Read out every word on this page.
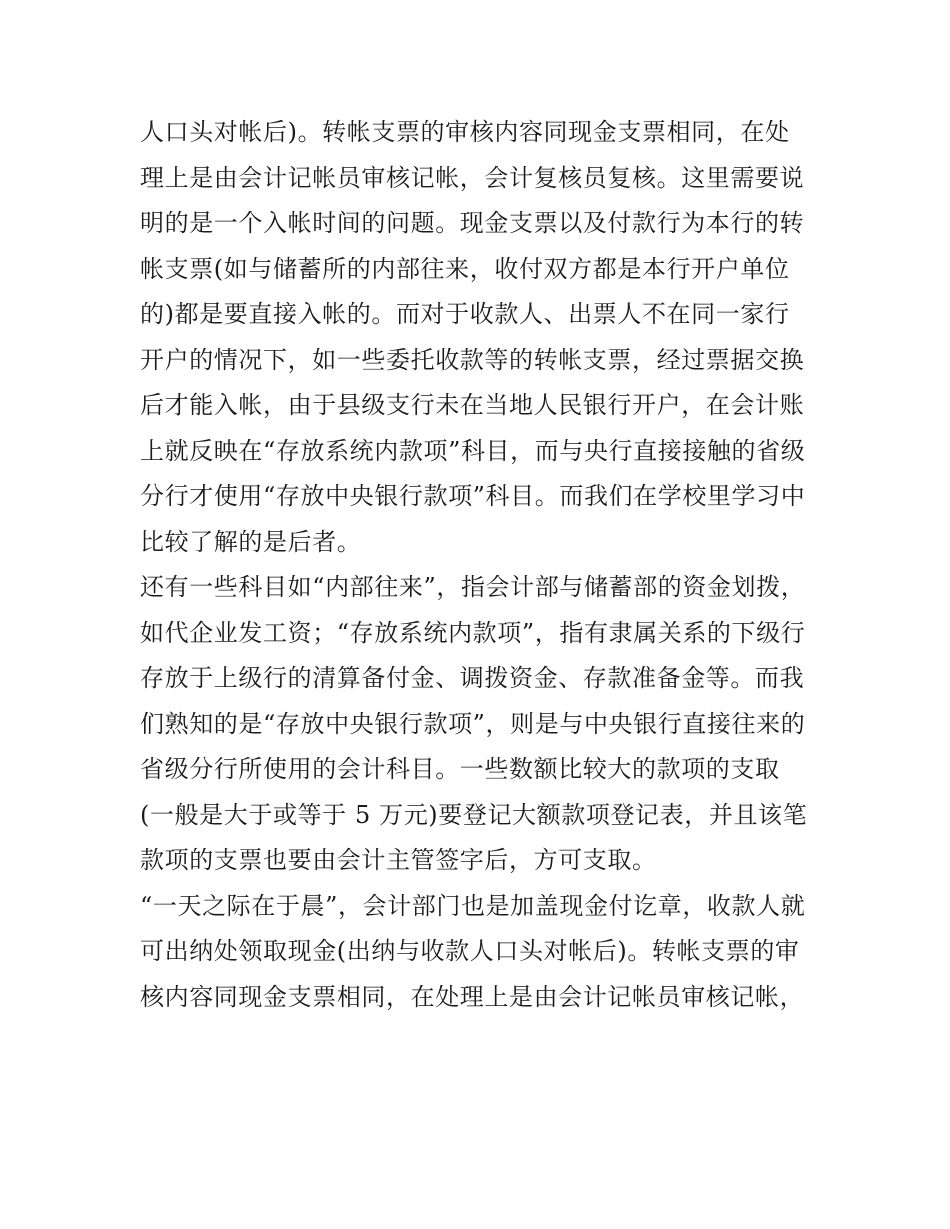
人口头对帐后)。转帐支票的审核内容同现金支票相同，在处
理上是由会计记帐员审核记帐，会计复核员复核。这里需要说
明的是一个入帐时间的问题。现金支票以及付款行为本行的转
帐支票(如与储蓄所的内部往来，收付双方都是本行开户单位
的)都是要直接入帐的。而对于收款人、出票人不在同一家行
开户的情况下，如一些委托收款等的转帐支票，经过票据交换
后才能入帐，由于县级支行未在当地人民银行开户，在会计账
上就反映在“存放系统内款项”科目，而与央行直接接触的省级
分行才使用“存放中央银行款项”科目。而我们在学校里学习中
比较了解的是后者。
还有一些科目如“内部往来”，指会计部与储蓄部的资金划拨，
如代企业发工资；“存放系统内款项”，指有隶属关系的下级行
存放于上级行的清算备付金、调拨资金、存款准备金等。而我
们熟知的是“存放中央银行款项”，则是与中央银行直接往来的
省级分行所使用的会计科目。一些数额比较大的款项的支取
(一般是大于或等于 5 万元)要登记大额款项登记表，并且该笔
款项的支票也要由会计主管签字后，方可支取。
“一天之际在于晨”，会计部门也是加盖现金付讫章，收款人就
可出纳处领取现金(出纳与收款人口头对帐后)。转帐支票的审
核内容同现金支票相同，在处理上是由会计记帐员审核记帐，
